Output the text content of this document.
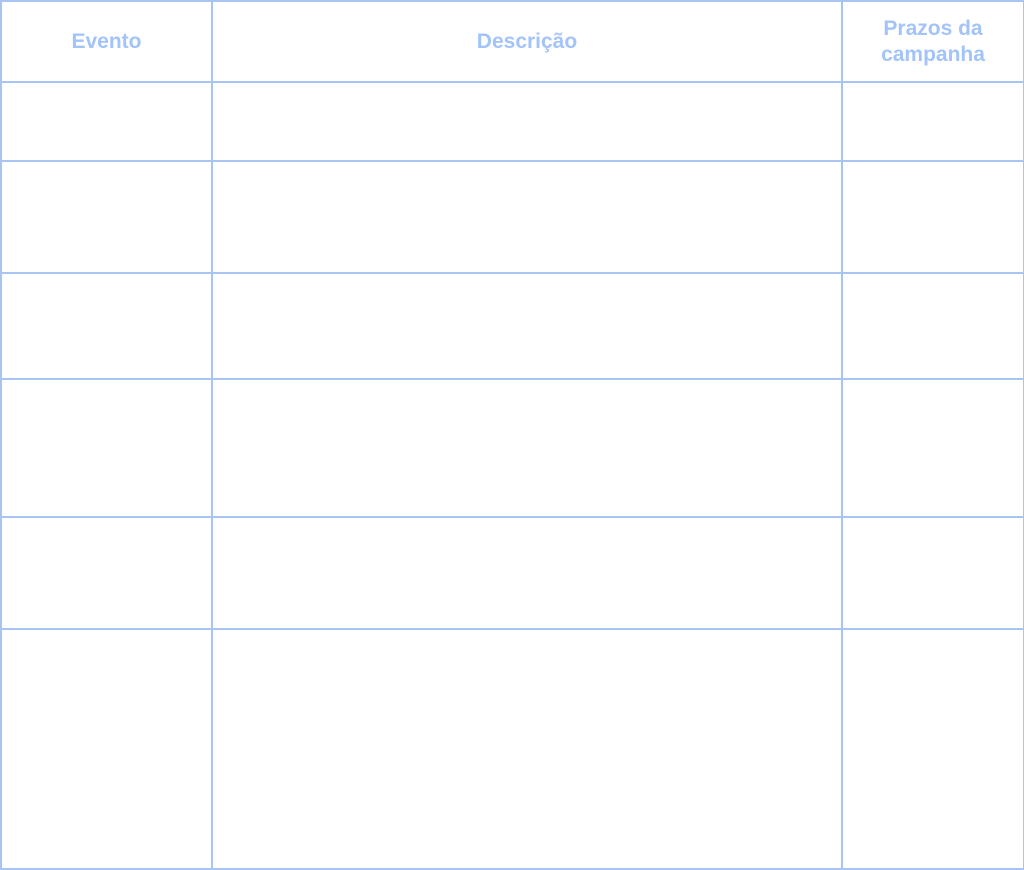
Evento	Descrição	Prazos da campanha
